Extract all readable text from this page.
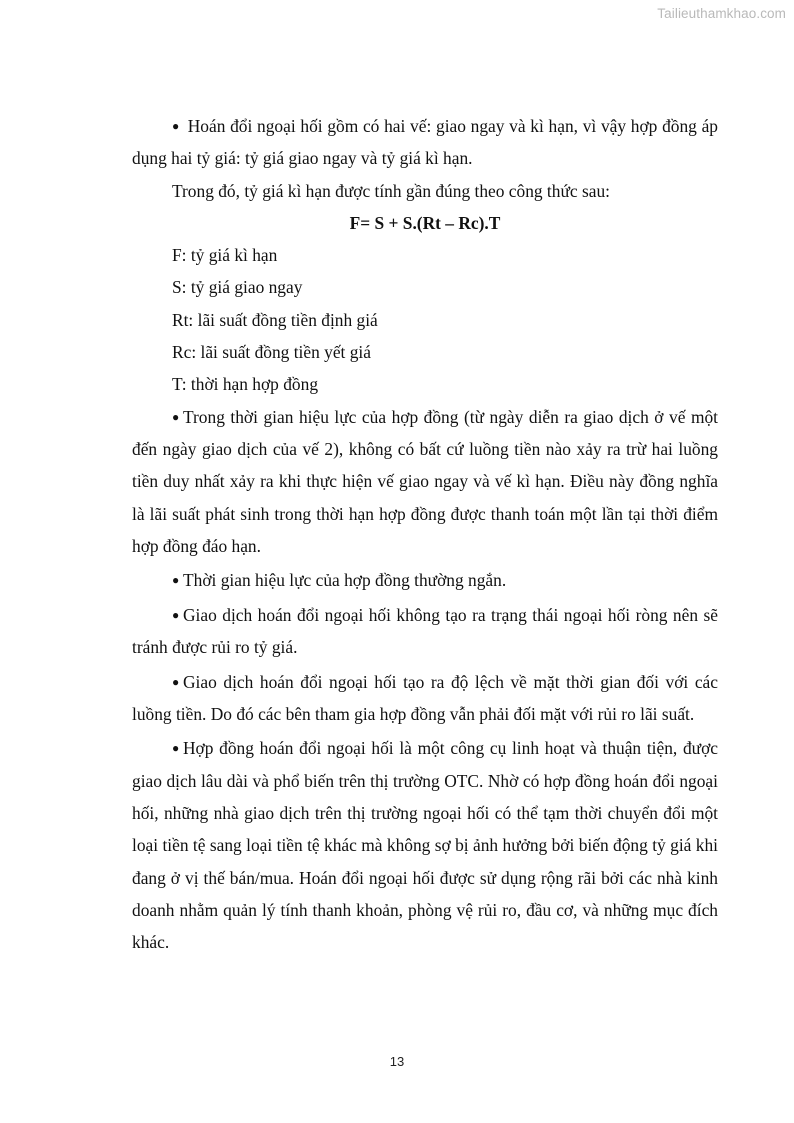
Tailieuthamkhao.com

● Hoán đổi ngoại hối gồm có hai vế: giao ngay và kì hạn, vì vậy hợp đồng áp dụng hai tỷ giá: tỷ giá giao ngay và tỷ giá kì hạn.

Trong đó, tỷ giá kì hạn được tính gần đúng theo công thức sau:

F= S + S.(Rt – Rc).T

F: tỷ giá kì hạn
S: tỷ giá giao ngay
Rt: lãi suất đồng tiền định giá
Rc: lãi suất đồng tiền yết giá
T: thời hạn hợp đồng

● Trong thời gian hiệu lực của hợp đồng (từ ngày diễn ra giao dịch ở vế một đến ngày giao dịch của vế 2), không có bất cứ luồng tiền nào xảy ra trừ hai luồng tiền duy nhất xảy ra khi thực hiện vế giao ngay và vế kì hạn. Điều này đồng nghĩa là lãi suất phát sinh trong thời hạn hợp đồng được thanh toán một lần tại thời điểm hợp đồng đáo hạn.

● Thời gian hiệu lực của hợp đồng thường ngắn.

● Giao dịch hoán đổi ngoại hối không tạo ra trạng thái ngoại hối ròng nên sẽ tránh được rủi ro tỷ giá.

● Giao dịch hoán đổi ngoại hối tạo ra độ lệch về mặt thời gian đối với các luồng tiền. Do đó các bên tham gia hợp đồng vẫn phải đối mặt với rủi ro lãi suất.

● Hợp đồng hoán đổi ngoại hối là một công cụ linh hoạt và thuận tiện, được giao dịch lâu dài và phổ biến trên thị trường OTC. Nhờ có hợp đồng hoán đổi ngoại hối, những nhà giao dịch trên thị trường ngoại hối có thể tạm thời chuyển đổi một loại tiền tệ sang loại tiền tệ khác mà không sợ bị ảnh hưởng bởi biến động tỷ giá khi đang ở vị thế bán/mua. Hoán đổi ngoại hối được sử dụng rộng rãi bởi các nhà kinh doanh nhằm quản lý tính thanh khoản, phòng vệ rủi ro, đầu cơ, và những mục đích khác.

13
